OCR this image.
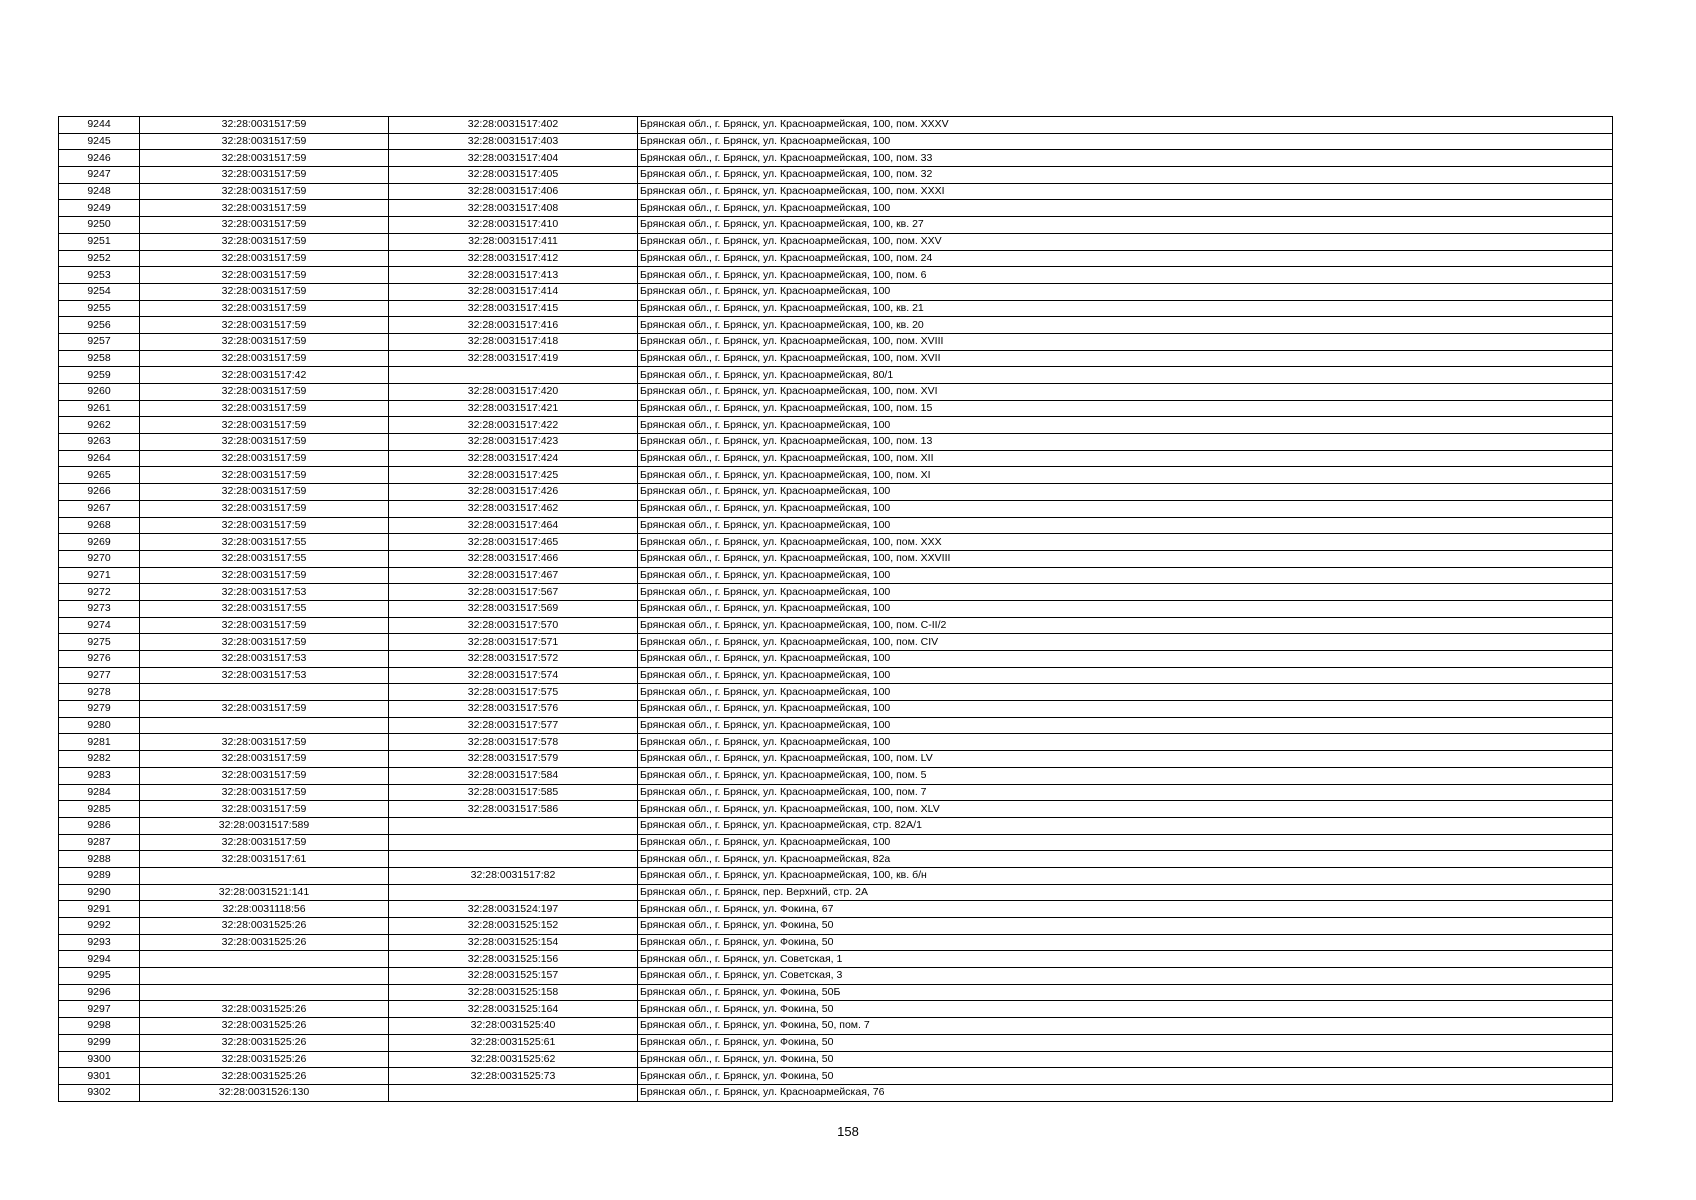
9244	32:28:0031517:59	32:28:0031517:402	Брянская обл., г. Брянск, ул. Красноармейская, 100, пом. XXXV
9245	32:28:0031517:59	32:28:0031517:403	Брянская обл., г. Брянск, ул. Красноармейская, 100
9246	32:28:0031517:59	32:28:0031517:404	Брянская обл., г. Брянск, ул. Красноармейская, 100, пом. 33
9247	32:28:0031517:59	32:28:0031517:405	Брянская обл., г. Брянск, ул. Красноармейская, 100, пом. 32
9248	32:28:0031517:59	32:28:0031517:406	Брянская обл., г. Брянск, ул. Красноармейская, 100, пом. XXXI
9249	32:28:0031517:59	32:28:0031517:408	Брянская обл., г. Брянск, ул. Красноармейская, 100
9250	32:28:0031517:59	32:28:0031517:410	Брянская обл., г. Брянск, ул. Красноармейская, 100, кв. 27
9251	32:28:0031517:59	32:28:0031517:411	Брянская обл., г. Брянск, ул. Красноармейская, 100, пом. XXV
9252	32:28:0031517:59	32:28:0031517:412	Брянская обл., г. Брянск, ул. Красноармейская, 100, пом. 24
9253	32:28:0031517:59	32:28:0031517:413	Брянская обл., г. Брянск, ул. Красноармейская, 100, пом. 6
9254	32:28:0031517:59	32:28:0031517:414	Брянская обл., г. Брянск, ул. Красноармейская, 100
9255	32:28:0031517:59	32:28:0031517:415	Брянская обл., г. Брянск, ул. Красноармейская, 100, кв. 21
9256	32:28:0031517:59	32:28:0031517:416	Брянская обл., г. Брянск, ул. Красноармейская, 100, кв. 20
9257	32:28:0031517:59	32:28:0031517:418	Брянская обл., г. Брянск, ул. Красноармейская, 100, пом. XVIII
9258	32:28:0031517:59	32:28:0031517:419	Брянская обл., г. Брянск, ул. Красноармейская, 100, пом. XVII
9259	32:28:0031517:42		Брянская обл., г. Брянск, ул. Красноармейская, 80/1
9260	32:28:0031517:59	32:28:0031517:420	Брянская обл., г. Брянск, ул. Красноармейская, 100, пом. XVI
9261	32:28:0031517:59	32:28:0031517:421	Брянская обл., г. Брянск, ул. Красноармейская, 100, пом. 15
9262	32:28:0031517:59	32:28:0031517:422	Брянская обл., г. Брянск, ул. Красноармейская, 100
9263	32:28:0031517:59	32:28:0031517:423	Брянская обл., г. Брянск, ул. Красноармейская, 100, пом. 13
9264	32:28:0031517:59	32:28:0031517:424	Брянская обл., г. Брянск, ул. Красноармейская, 100, пом. XII
9265	32:28:0031517:59	32:28:0031517:425	Брянская обл., г. Брянск, ул. Красноармейская, 100, пом. XI
9266	32:28:0031517:59	32:28:0031517:426	Брянская обл., г. Брянск, ул. Красноармейская, 100
9267	32:28:0031517:59	32:28:0031517:462	Брянская обл., г. Брянск, ул. Красноармейская, 100
9268	32:28:0031517:59	32:28:0031517:464	Брянская обл., г. Брянск, ул. Красноармейская, 100
9269	32:28:0031517:55	32:28:0031517:465	Брянская обл., г. Брянск, ул. Красноармейская, 100, пом. XXX
9270	32:28:0031517:55	32:28:0031517:466	Брянская обл., г. Брянск, ул. Красноармейская, 100, пом. XXVIII
9271	32:28:0031517:59	32:28:0031517:467	Брянская обл., г. Брянск, ул. Красноармейская, 100
9272	32:28:0031517:53	32:28:0031517:567	Брянская обл., г. Брянск, ул. Красноармейская, 100
9273	32:28:0031517:55	32:28:0031517:569	Брянская обл., г. Брянск, ул. Красноармейская, 100
9274	32:28:0031517:59	32:28:0031517:570	Брянская обл., г. Брянск, ул. Красноармейская, 100, пом. С-II/2
9275	32:28:0031517:59	32:28:0031517:571	Брянская обл., г. Брянск, ул. Красноармейская, 100, пом. CIV
9276	32:28:0031517:53	32:28:0031517:572	Брянская обл., г. Брянск, ул. Красноармейская, 100
9277	32:28:0031517:53	32:28:0031517:574	Брянская обл., г. Брянск, ул. Красноармейская, 100
9278		32:28:0031517:575	Брянская обл., г. Брянск, ул. Красноармейская, 100
9279	32:28:0031517:59	32:28:0031517:576	Брянская обл., г. Брянск, ул. Красноармейская, 100
9280		32:28:0031517:577	Брянская обл., г. Брянск, ул. Красноармейская, 100
9281	32:28:0031517:59	32:28:0031517:578	Брянская обл., г. Брянск, ул. Красноармейская, 100
9282	32:28:0031517:59	32:28:0031517:579	Брянская обл., г. Брянск, ул. Красноармейская, 100, пом. LV
9283	32:28:0031517:59	32:28:0031517:584	Брянская обл., г. Брянск, ул. Красноармейская, 100, пом. 5
9284	32:28:0031517:59	32:28:0031517:585	Брянская обл., г. Брянск, ул. Красноармейская, 100, пом. 7
9285	32:28:0031517:59	32:28:0031517:586	Брянская обл., г. Брянск, ул. Красноармейская, 100, пом. XLV
9286	32:28:0031517:589		Брянская обл., г. Брянск, ул. Красноармейская, стр. 82А/1
9287	32:28:0031517:59		Брянская обл., г. Брянск, ул. Красноармейская, 100
9288	32:28:0031517:61		Брянская обл., г. Брянск, ул. Красноармейская, 82а
9289		32:28:0031517:82	Брянская обл., г. Брянск, ул. Красноармейская, 100, кв. б/н
9290	32:28:0031521:141		Брянская обл., г. Брянск, пер. Верхний, стр. 2А
9291	32:28:0031118:56	32:28:0031524:197	Брянская обл., г. Брянск, ул. Фокина, 67
9292	32:28:0031525:26	32:28:0031525:152	Брянская обл., г. Брянск, ул. Фокина, 50
9293	32:28:0031525:26	32:28:0031525:154	Брянская обл., г. Брянск, ул. Фокина, 50
9294		32:28:0031525:156	Брянская обл., г. Брянск, ул. Советская, 1
9295		32:28:0031525:157	Брянская обл., г. Брянск, ул. Советская, 3
9296		32:28:0031525:158	Брянская обл., г. Брянск, ул. Фокина, 50Б
9297	32:28:0031525:26	32:28:0031525:164	Брянская обл., г. Брянск, ул. Фокина, 50
9298	32:28:0031525:26	32:28:0031525:40	Брянская обл., г. Брянск, ул. Фокина, 50, пом. 7
9299	32:28:0031525:26	32:28:0031525:61	Брянская обл., г. Брянск, ул. Фокина, 50
9300	32:28:0031525:26	32:28:0031525:62	Брянская обл., г. Брянск, ул. Фокина, 50
9301	32:28:0031525:26	32:28:0031525:73	Брянская обл., г. Брянск, ул. Фокина, 50
9302	32:28:0031526:130		Брянская обл., г. Брянск, ул. Красноармейская, 76
158
